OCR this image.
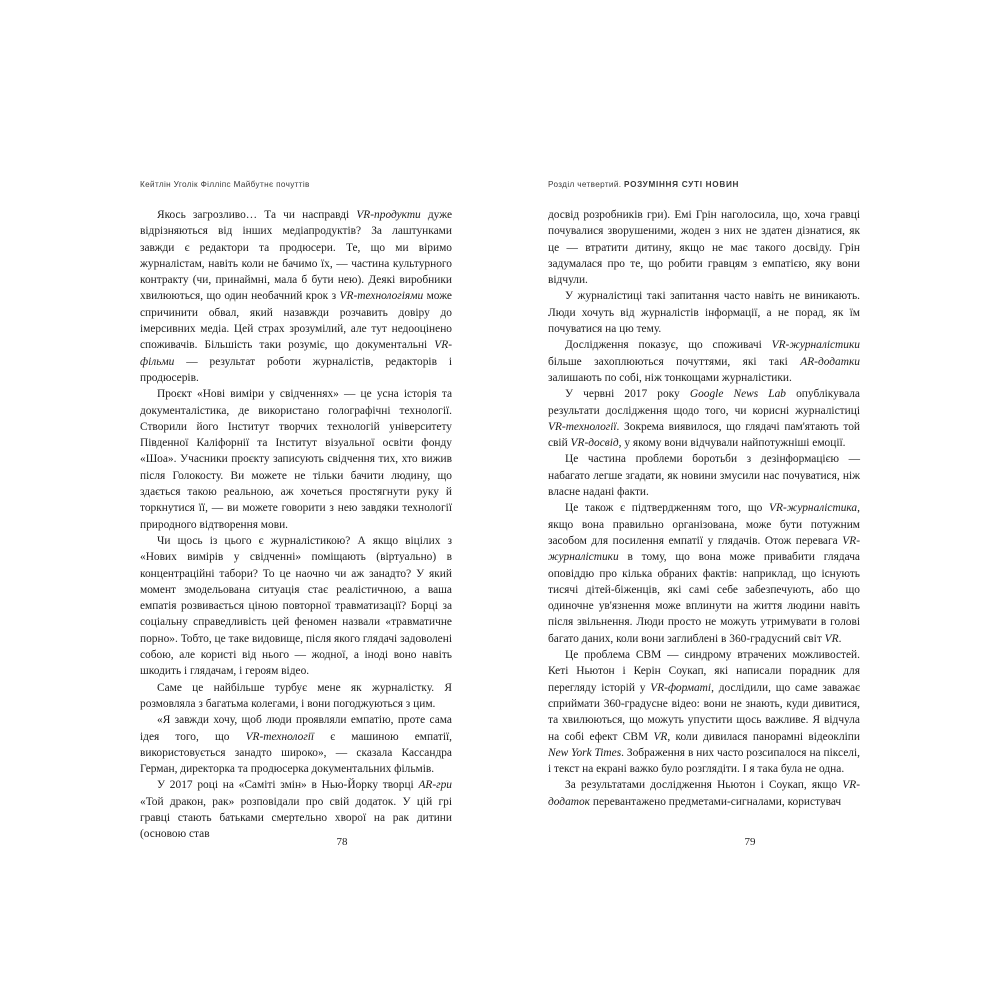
Кейтлін Уголік Філліпс Майбутнє почуттів

Якось загрозливо… Та чи насправді VR-продукти дуже відрізняються від інших медіапродуктів? За лаштунками завжди є редактори та продюсери. Те, що ми віримо журналістам, навіть коли не бачимо їх, — частина культурного контракту (чи, принаймні, мала б бути нею). Деякі виробники хвилюються, що один необачний крок з VR-технологіями може спричинити обвал, який назавжди розчавить довіру до імерсивних медіа. Цей страх зрозумілий, але тут недооцінено споживачів. Більшість таки розуміє, що документальні VR-фільми — результат роботи журналістів, редакторів і продюсерів.

Проєкт «Нові виміри у свідченнях» — це усна історія та документалістика, де використано голографічні технології. Створили його Інститут творчих технологій університету Південної Каліфорнії та Інститут візуальної освіти фонду «Шоа». Учасники проєкту записують свідчення тих, хто вижив після Голокосту. Ви можете не тільки бачити людину, що здається такою реальною, аж хочеться простягнути руку й торкнутися її, — ви можете говорити з нею завдяки технології природного відтворення мови.

Чи щось із цього є журналістикою? А якщо віцілих з «Нових вимірів у свідченні» поміщають (віртуально) в концентраційні табори? То це наочно чи аж занадто? У який момент змодельована ситуація стає реалістичною, а ваша емпатія розвивається ціною повторної травматизації? Борці за соціальну справедливість цей феномен назвали «травматичне порно». Тобто, це таке видовище, після якого глядачі задоволені собою, але користі від нього — жодної, а іноді воно навіть шкодить і глядачам, і героям відео.

Саме це найбільше турбує мене як журналістку. Я розмовляла з багатьма колегами, і вони погоджуються з цим.

«Я завжди хочу, щоб люди проявляли емпатію, проте сама ідея того, що VR-технології є машиною емпатії, використовується занадто широко», — сказала Кассандра Герман, директорка та продюсерка документальних фільмів.

У 2017 році на «Саміті змін» в Нью-Йорку творці AR-гри «Той дракон, рак» розповідали про свій додаток. У цій грі гравці стають батьками смертельно хворої на рак дитини (основою став

78
Розділ четвертий. РОЗУМІННЯ СУТІ НОВИН

досвід розробників гри). Емі Грін наголосила, що, хоча гравці почувалися зворушеними, жоден з них не здатен дізнатися, як це — втратити дитину, якщо не має такого досвіду. Грін задумалася про те, що робити гравцям з емпатією, яку вони відчули.

У журналістиці такі запитання часто навіть не виникають. Люди хочуть від журналістів інформації, а не порад, як їм почуватися на цю тему.

Дослідження показує, що споживачі VR-журналістики більше захоплюються почуттями, які такі AR-додатки залишають по собі, ніж тонкощами журналістики.

У червні 2017 року Google News Lab опублікувала результати дослідження щодо того, чи корисні журналістиці VR-технології. Зокрема виявилося, що глядачі пам'ятають той свій VR-досвід, у якому вони відчували найпотужніші емоції.

Це частина проблеми боротьби з дезінформацією — набагато легше згадати, як новини змусили нас почуватися, ніж власне надані факти.

Це також є підтвердженням того, що VR-журналістика, якщо вона правильно організована, може бути потужним засобом для посилення емпатії у глядачів. Отож перевага VR-журналістики в тому, що вона може привабити глядача оповіддю про кілька обраних фактів: наприклад, що існують тисячі дітей-біженців, які самі себе забезпечують, або що одиночне ув'язнення може вплинути на життя людини навіть після звільнення. Люди просто не можуть утримувати в голові багато даних, коли вони заглиблені в 360-градусний світ VR.

Це проблема СВМ — синдрому втрачених можливостей. Кеті Ньютон і Керін Соукап, які написали порадник для перегляду історій у VR-форматі, дослідили, що саме заважає сприймати 360-градусне відео: вони не знають, куди дивитися, та хвилюються, що можуть упустити щось важливе. Я відчула на собі ефект СВМ VR, коли дивилася панорамні відеокліпи New York Times. Зображення в них часто розсипалося на пікселі, і текст на екрані важко було розглядіти. І я така була не одна.

За результатами дослідження Ньютон і Соукап, якщо VR-додаток перевантажено предметами-сигналами, користувач

79
